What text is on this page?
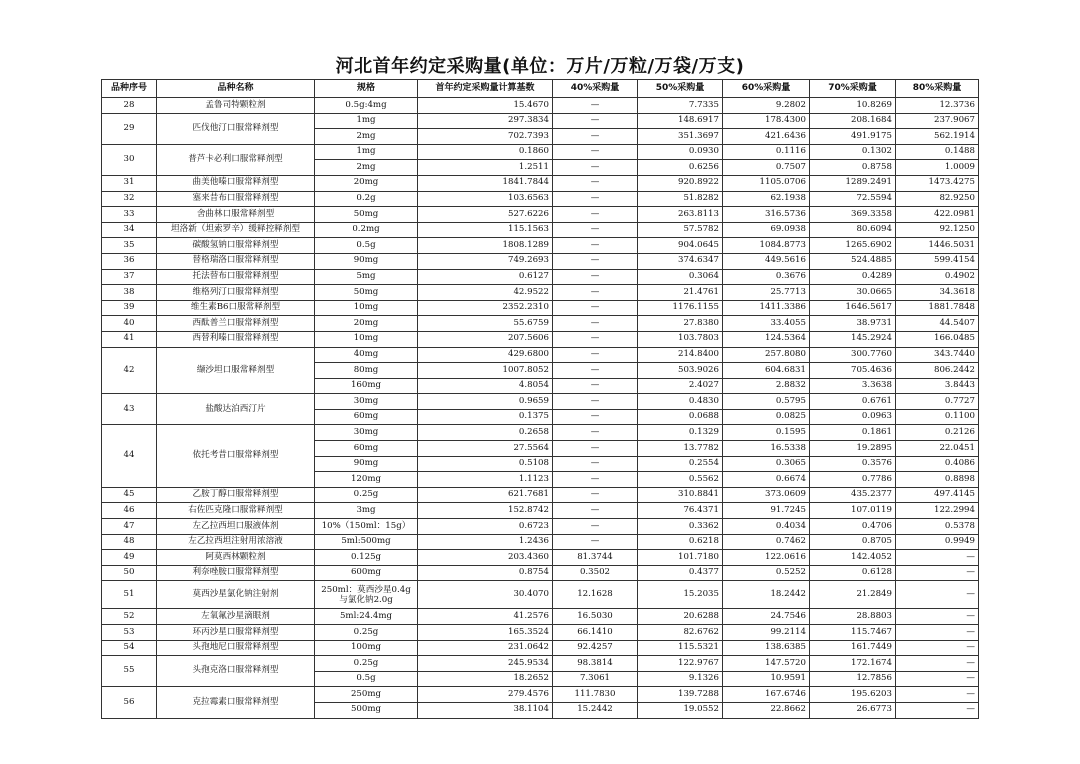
河北首年约定采购量(单位：万片/万粒/万袋/万支)
品种序号	品种名称	规格	首年约定采购量计算基数	40%采购量	50%采购量	60%采购量	70%采购量	80%采购量
28	孟鲁司特颗粒剂	0.5g:4mg	15.4670	—	7.7335	9.2802	10.8269	12.3736
29	匹伐他汀口服常释剂型	1mg	297.3834	—	148.6917	178.4300	208.1684	237.9067
		2mg	702.7393	—	351.3697	421.6436	491.9175	562.1914
30	普芦卡必利口服常释剂型	1mg	0.1860	—	0.0930	0.1116	0.1302	0.1488
		2mg	1.2511	—	0.6256	0.7507	0.8758	1.0009
31	曲美他嗪口服常释剂型	20mg	1841.7844	—	920.8922	1105.0706	1289.2491	1473.4275
32	塞来昔布口服常释剂型	0.2g	103.6563	—	51.8282	62.1938	72.5594	82.9250
33	舍曲林口服常释剂型	50mg	527.6226	—	263.8113	316.5736	369.3358	422.0981
34	坦洛新（坦索罗辛）缓释控释剂型	0.2mg	115.1563	—	57.5782	69.0938	80.6094	92.1250
35	碳酸氢钠口服常释剂型	0.5g	1808.1289	—	904.0645	1084.8773	1265.6902	1446.5031
36	替格瑞洛口服常释剂型	90mg	749.2693	—	374.6347	449.5616	524.4885	599.4154
37	托法替布口服常释剂型	5mg	0.6127	—	0.3064	0.3676	0.4289	0.4902
38	维格列汀口服常释剂型	50mg	42.9522	—	21.4761	25.7713	30.0665	34.3618
39	维生素B6口服常释剂型	10mg	2352.2310	—	1176.1155	1411.3386	1646.5617	1881.7848
40	西酞普兰口服常释剂型	20mg	55.6759	—	27.8380	33.4055	38.9731	44.5407
41	西替利嗪口服常释剂型	10mg	207.5606	—	103.7803	124.5364	145.2924	166.0485
42	缬沙坦口服常释剂型	40mg	429.6800	—	214.8400	257.8080	300.7760	343.7440
		80mg	1007.8052	—	503.9026	604.6831	705.4636	806.2442
		160mg	4.8054	—	2.4027	2.8832	3.3638	3.8443
43	盐酸达泊西汀片	30mg	0.9659	—	0.4830	0.5795	0.6761	0.7727
		60mg	0.1375	—	0.0688	0.0825	0.0963	0.1100
44	依托考昔口服常释剂型	30mg	0.2658	—	0.1329	0.1595	0.1861	0.2126
		60mg	27.5564	—	13.7782	16.5338	19.2895	22.0451
		90mg	0.5108	—	0.2554	0.3065	0.3576	0.4086
		120mg	1.1123	—	0.5562	0.6674	0.7786	0.8898
45	乙胺丁醇口服常释剂型	0.25g	621.7681	—	310.8841	373.0609	435.2377	497.4145
46	右佐匹克隆口服常释剂型	3mg	152.8742	—	76.4371	91.7245	107.0119	122.2994
47	左乙拉西坦口服液体剂	10%（150ml：15g）	0.6723	—	0.3362	0.4034	0.4706	0.5378
48	左乙拉西坦注射用浓溶液	5ml:500mg	1.2436	—	0.6218	0.7462	0.8705	0.9949
49	阿莫西林颗粒剂	0.125g	203.4360	81.3744	101.7180	122.0616	142.4052	—
50	利奈唑胺口服常释剂型	600mg	0.8754	0.3502	0.4377	0.5252	0.6128	—
51	莫西沙星氯化钠注射剂	250ml：莫西沙星0.4g与氯化钠2.0g	30.4070	12.1628	15.2035	18.2442	21.2849	—
52	左氧氟沙星滴眼剂	5ml:24.4mg	41.2576	16.5030	20.6288	24.7546	28.8803	—
53	环丙沙星口服常释剂型	0.25g	165.3524	66.1410	82.6762	99.2114	115.7467	—
54	头孢地尼口服常释剂型	100mg	231.0642	92.4257	115.5321	138.6385	161.7449	—
55	头孢克洛口服常释剂型	0.25g	245.9534	98.3814	122.9767	147.5720	172.1674	—
		0.5g	18.2652	7.3061	9.1326	10.9591	12.7856	—
56	克拉霉素口服常释剂型	250mg	279.4576	111.7830	139.7288	167.6746	195.6203	—
		500mg	38.1104	15.2442	19.0552	22.8662	26.6773	—
